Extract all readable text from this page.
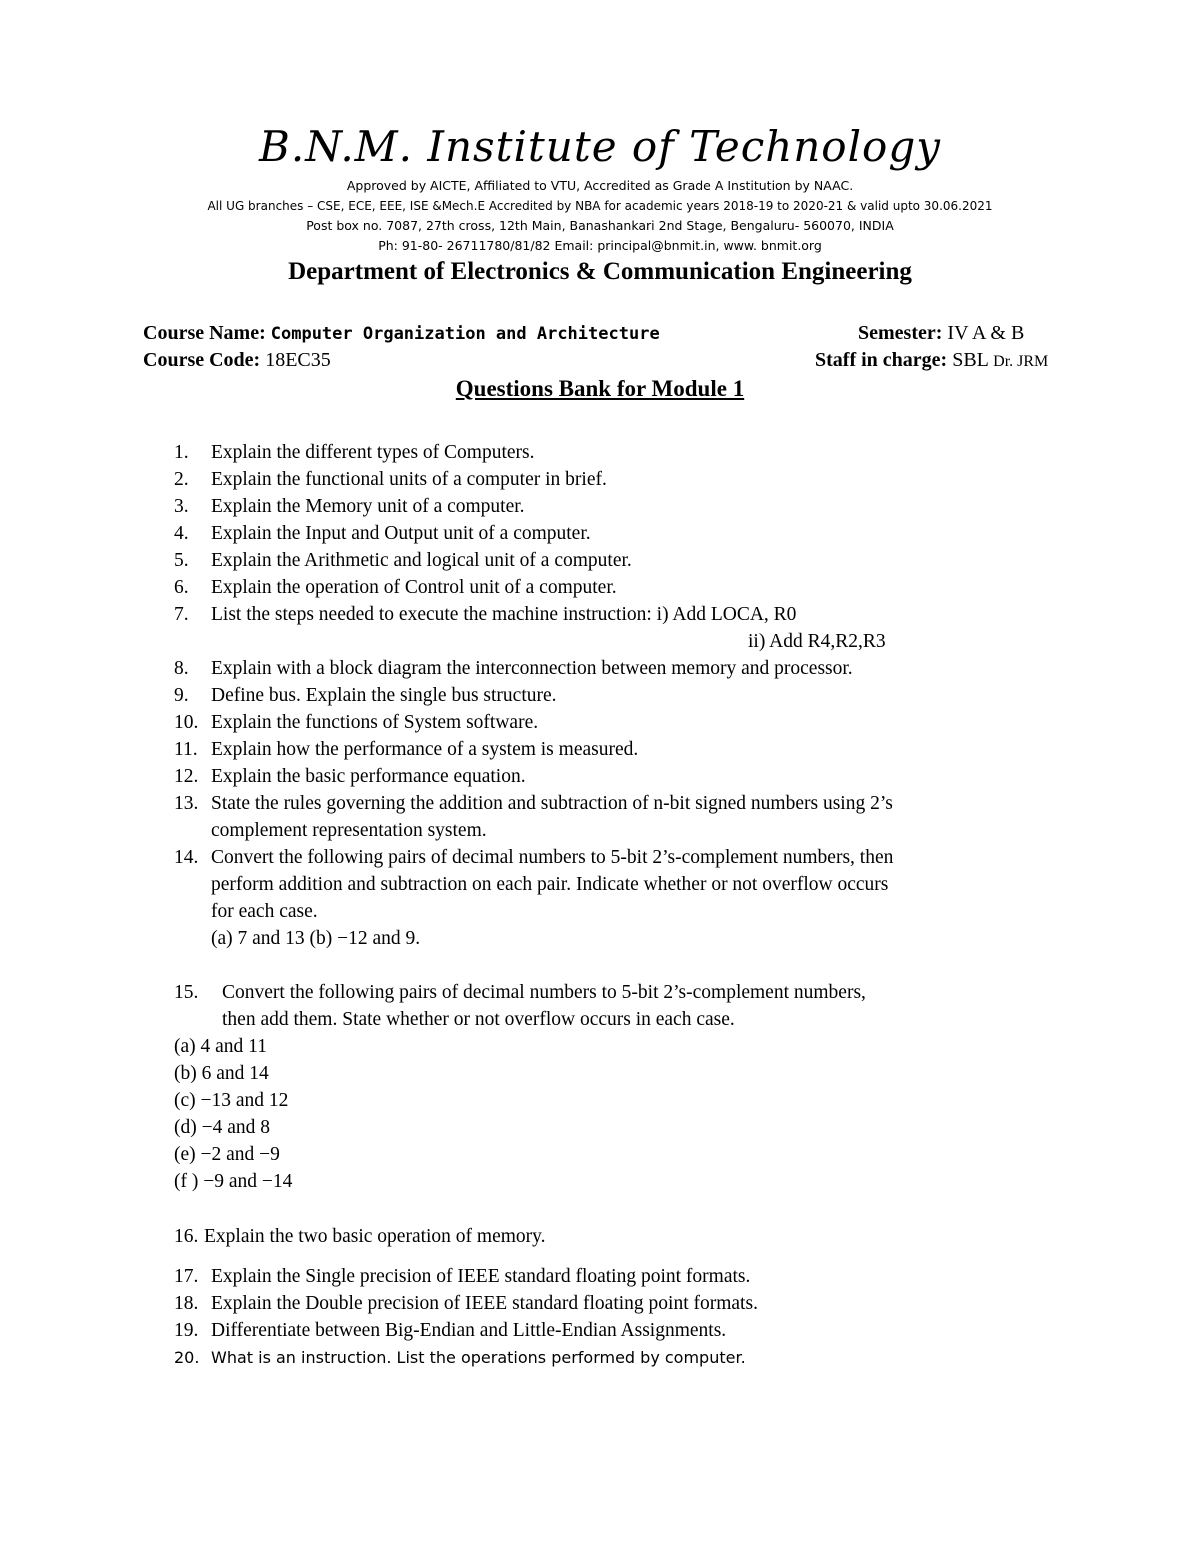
B.N.M. Institute of Technology
Approved by AICTE, Affiliated to VTU, Accredited as Grade A Institution by NAAC.
All UG branches – CSE, ECE, EEE, ISE &Mech.E Accredited by NBA for academic years 2018-19 to 2020-21 & valid upto 30.06.2021
Post box no. 7087, 27th cross, 12th Main, Banashankari 2nd Stage, Bengaluru- 560070, INDIA
Ph: 91-80- 26711780/81/82 Email: principal@bnmit.in, www. bnmit.org
Department of Electronics & Communication Engineering
Course Name: Computer Organization and Architecture	Semester: IV A & B
Course Code: 18EC35	Staff in charge: SBL Dr. JRM
Questions Bank for Module 1
1. Explain the different types of Computers.
2. Explain the functional units of a computer in brief.
3. Explain the Memory unit of a computer.
4. Explain the Input and Output unit of a computer.
5. Explain the Arithmetic and logical unit of a computer.
6. Explain the operation of Control unit of a computer.
7. List the steps needed to execute the machine instruction: i) Add LOCA, R0
ii) Add R4,R2,R3
8. Explain with a block diagram the interconnection between memory and processor.
9. Define bus. Explain the single bus structure.
10. Explain the functions of System software.
11. Explain how the performance of a system is measured.
12. Explain the basic performance equation.
13. State the rules governing the addition and subtraction of n-bit signed numbers using 2’s
complement representation system.
14. Convert the following pairs of decimal numbers to 5-bit 2’s-complement numbers, then
perform addition and subtraction on each pair. Indicate whether or not overflow occurs
for each case.
(a) 7 and 13 (b) −12 and 9.
15. Convert the following pairs of decimal numbers to 5-bit 2’s-complement numbers,
then add them. State whether or not overflow occurs in each case.
(a) 4 and 11
(b) 6 and 14
(c) −13 and 12
(d) −4 and 8
(e) −2 and −9
(f ) −9 and −14
16. Explain the two basic operation of memory.
17. Explain the Single precision of IEEE standard floating point formats.
18. Explain the Double precision of IEEE standard floating point formats.
19. Differentiate between Big-Endian and Little-Endian Assignments.
20. What is an instruction. List the operations performed by computer.
